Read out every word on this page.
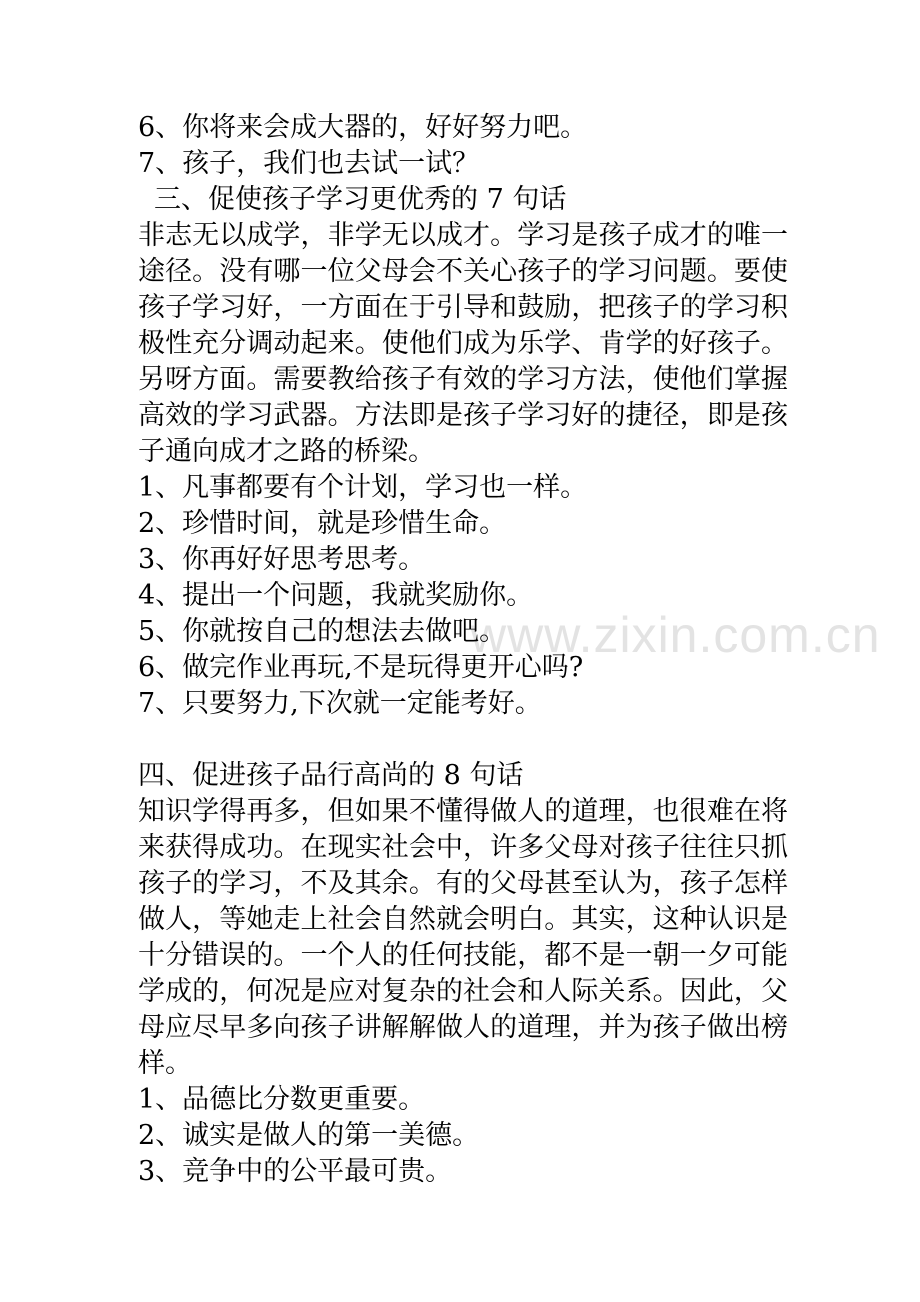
www.zixin.com.cn
6、你将来会成大器的，好好努力吧。
7、孩子，我们也去试一试？
三、促使孩子学习更优秀的 7 句话
非志无以成学，非学无以成才。学习是孩子成才的唯一途径。没有哪一位父母会不关心孩子的学习问题。要使孩子学习好，一方面在于引导和鼓励，把孩子的学习积极性充分调动起来。使他们成为乐学、肯学的好孩子。另呀方面。需要教给孩子有效的学习方法，使他们掌握高效的学习武器。方法即是孩子学习好的捷径，即是孩子通向成才之路的桥梁。
1、凡事都要有个计划，学习也一样。
2、珍惜时间，就是珍惜生命。
3、你再好好思考思考。
4、提出一个问题，我就奖励你。
5、你就按自己的想法去做吧。
6、做完作业再玩,不是玩得更开心吗?
7、只要努力,下次就一定能考好。
四、促进孩子品行高尚的 8 句话
知识学得再多，但如果不懂得做人的道理，也很难在将来获得成功。在现实社会中，许多父母对孩子往往只抓孩子的学习，不及其余。有的父母甚至认为，孩子怎样做人，等她走上社会自然就会明白。其实，这种认识是十分错误的。一个人的任何技能，都不是一朝一夕可能学成的，何况是应对复杂的社会和人际关系。因此，父母应尽早多向孩子讲解解做人的道理，并为孩子做出榜样。
1、品德比分数更重要。
2、诚实是做人的第一美德。
3、竞争中的公平最可贵。
